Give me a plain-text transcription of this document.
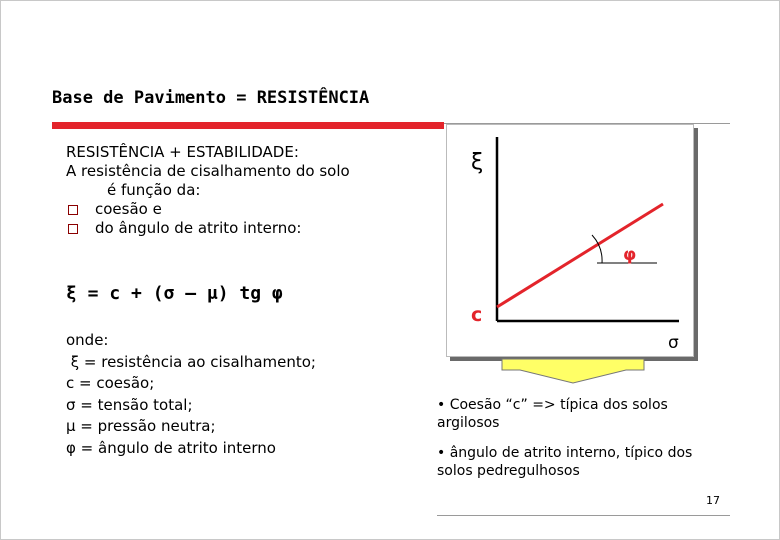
Base de Pavimento = RESISTÊNCIA
RESISTÊNCIA + ESTABILIDADE:
A resistência de cisalhamento do solo
é função da:
coesão e
do ângulo de atrito interno:
ξ = c + (σ – μ) tg φ
onde:
ξ = resistência ao cisalhamento;
c = coesão;
σ = tensão total;
μ = pressão neutra;
φ = ângulo de atrito interno
ξ
σ
c
φ

• Coesão “c” => típica dos solos argilosos

• ângulo de atrito interno, típico dos solos pedregulhosos

17
